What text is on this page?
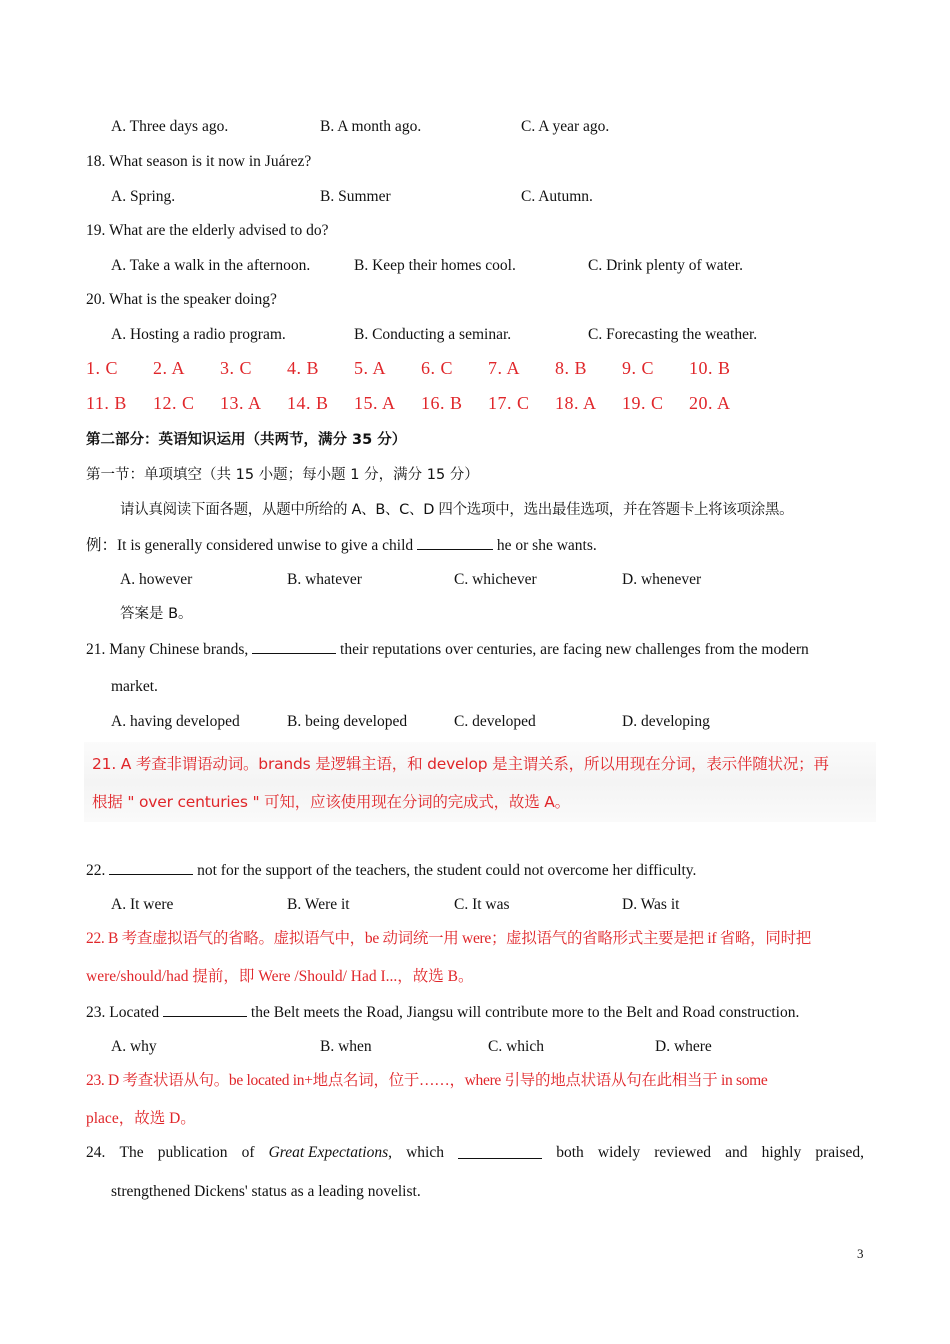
A. Three days ago.	B. A month ago.	C. A year ago.
18. What season is it now in Juárez?
A. Spring.	B. Summer	C. Autumn.
19. What are the elderly advised to do?
A. Take a walk in the afternoon.	B. Keep their homes cool.	C. Drink plenty of water.
20. What is the speaker doing?
A. Hosting a radio program.	B. Conducting a seminar.	C. Forecasting the weather.
1. C 2. A 3. C 4. B 5. A 6. C 7. A 8. B 9. C 10. B
11. B 12. C 13. A 14. B 15. A 16. B 17. C 18. A 19. C 20. A
第二部分：英语知识运用（共两节，满分 35 分）
第一节：单项填空（共 15 小题；每小题 1 分，满分 15 分）
请认真阅读下面各题，从题中所给的 A、B、C、D 四个选项中，选出最佳选项，并在答题卡上将该项涂黑。
例：It is generally considered unwise to give a child	he or she wants.
A. however	B. whatever	C. whichever	D. whenever
答案是 B。
21. Many Chinese brands,	their reputations over centuries, are facing new challenges from the modern
market.
A. having developed	B. being developed	C. developed	D. developing
21. A 考查非谓语动词。brands 是逻辑主语，和 develop 是主谓关系，所以用现在分词，表示伴随状况；再
根据 " over centuries " 可知，应该使用现在分词的完成式，故选 A。
22.	not for the support of the teachers, the student could not overcome her difficulty.
A. It were	B. Were it	C. It was	D. Was it
22. B 考查虚拟语气的省略。虚拟语气中，be 动词统一用 were；虚拟语气的省略形式主要是把 if 省略，同时把
were/should/had 提前，即 Were /Should/ Had I...，故选 B。
23. Located	the Belt meets the Road, Jiangsu will contribute more to the Belt and Road construction.
A. why	B. when	C. which	D. where
23. D 考查状语从句。be located in+地点名词，位于……，where 引导的地点状语从句在此相当于 in some
place，故选 D。
24. The publication of Great Expectations, which	both widely reviewed and highly praised,
strengthened Dickens' status as a leading novelist.
3
